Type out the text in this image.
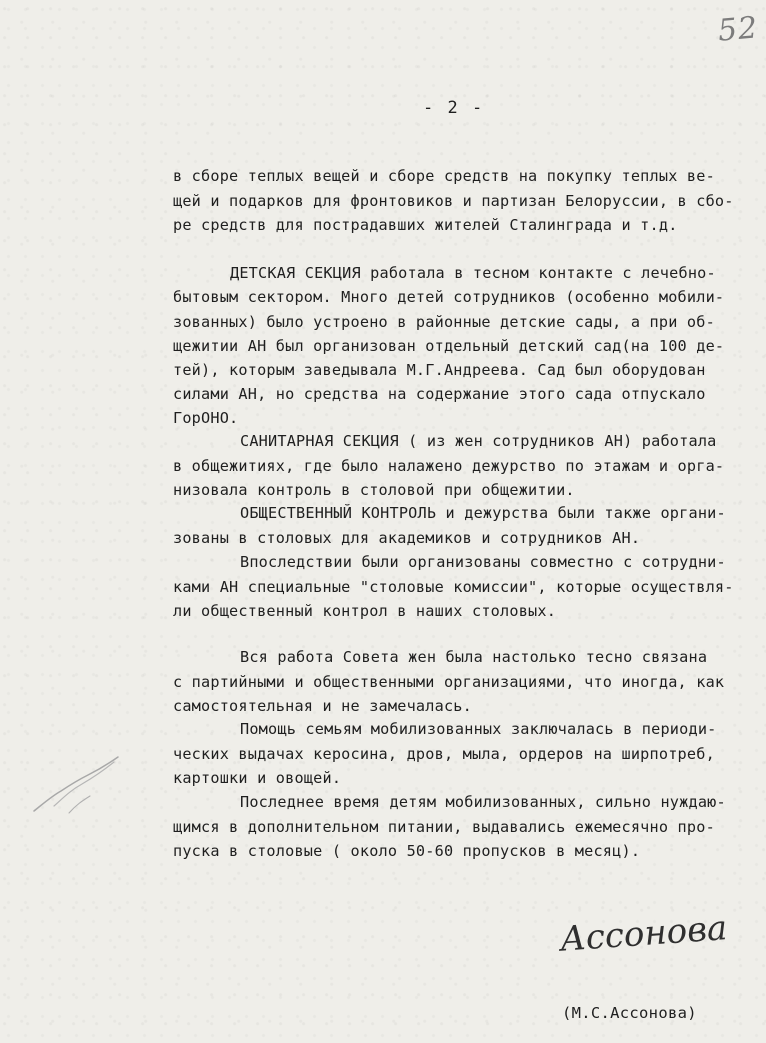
52
- 2 -
в сборе теплых вещей и сборе средств на покупку теплых ве-
щей и подарков для фронтовиков и партизан Белоруссии, в сбо-
ре средств для пострадавших жителей Сталинграда и т.д.
ДЕТСКАЯ СЕКЦИЯ работала в тесном контакте с лечебно-
бытовым сектором. Много детей сотрудников (особенно мобили-
зованных) было устроено в районные детские сады, а при об-
щежитии АН был организован отдельный детский сад(на 100 де-
тей), которым заведывала М.Г.Андреева. Сад был оборудован
силами АН, но средства на содержание этого сада отпускало
ГорОНО.
САНИТАРНАЯ СЕКЦИЯ ( из жен сотрудников АН) работала
в общежитиях, где было налажено дежурство по этажам и орга-
низовала контроль в столовой при общежитии.
ОБЩЕСТВЕННЫЙ КОНТРОЛЬ и дежурства были также органи-
зованы в столовых для академиков и сотрудников АН.
Впоследствии были организованы совместно с сотрудни-
ками АН специальные "столовые комиссии", которые осуществля-
ли общественный контрол в наших столовых.
Вся работа Совета жен была настолько тесно связана
с партийными и общественными организациями, что иногда, как
самостоятельная и не замечалась.
Помощь семьям мобилизованных заключалась в периоди-
ческих выдачах керосина, дров, мыла, ордеров на ширпотреб,
картошки и овощей.
Последнее время детям мобилизованных, сильно нуждаю-
щимся в дополнительном питании, выдавались ежемесячно про-
пуска в столовые ( около 50-60 пропусков в месяц).
Ассонова
(М.С.Ассонова)
